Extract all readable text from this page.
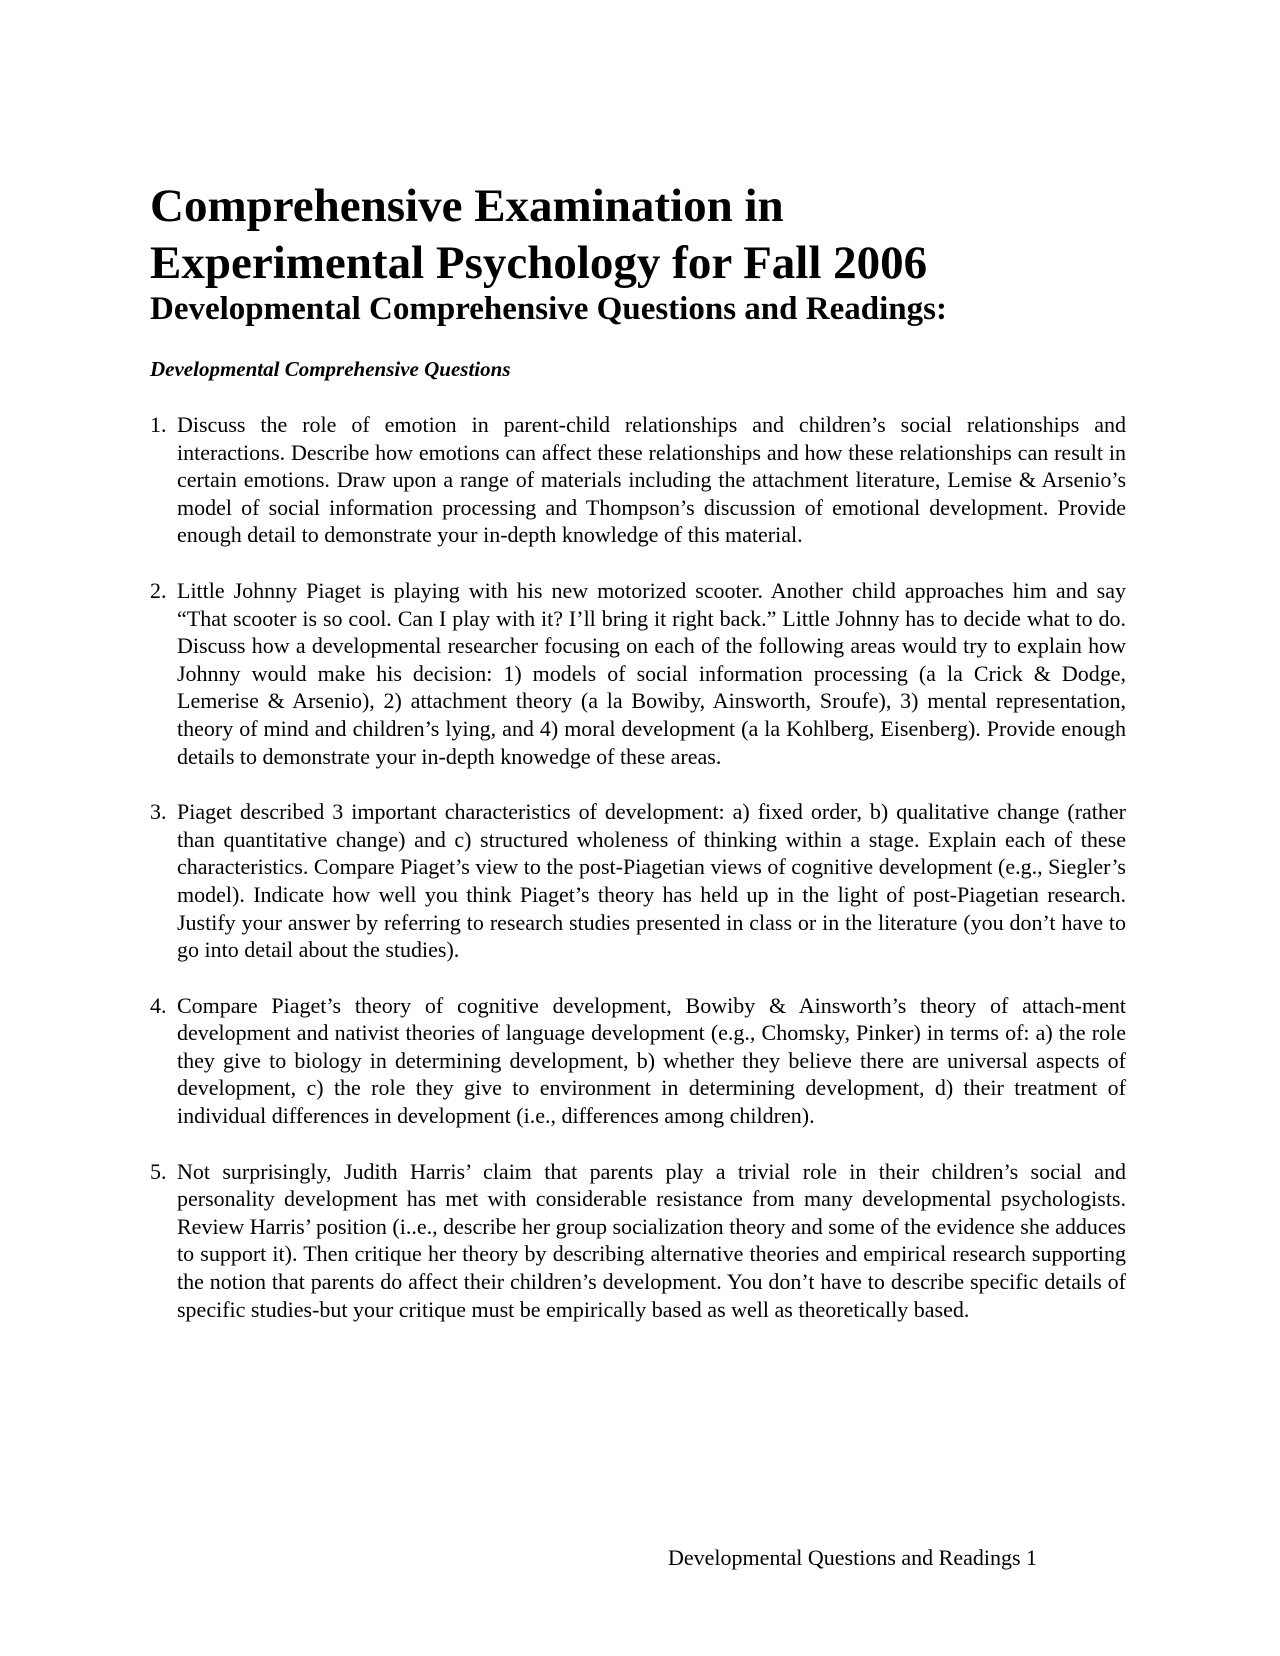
Comprehensive Examination in
Experimental Psychology for Fall 2006
Developmental Comprehensive Questions and Readings:
Developmental Comprehensive Questions
1. Discuss the role of emotion in parent-child relationships and children’s social relationships and interactions. Describe how emotions can affect these relationships and how these relationships can result in certain emotions. Draw upon a range of materials including the attachment literature, Lemise & Arsenio’s model of social information processing and Thompson’s discussion of emotional development. Provide enough detail to demonstrate your in-depth knowledge of this material.
2. Little Johnny Piaget is playing with his new motorized scooter. Another child approaches him and say “That scooter is so cool. Can I play with it? I’ll bring it right back.” Little Johnny has to decide what to do. Discuss how a developmental researcher focusing on each of the following areas would try to explain how Johnny would make his decision: 1) models of social information processing (a la Crick & Dodge, Lemerise & Arsenio), 2) attachment theory (a la Bowiby, Ainsworth, Sroufe), 3) mental representation, theory of mind and children’s lying, and 4) moral development (a la Kohlberg, Eisenberg). Provide enough details to demonstrate your in-depth knowedge of these areas.
3. Piaget described 3 important characteristics of development: a) fixed order, b) qualitative change (rather than quantitative change) and c) structured wholeness of thinking within a stage. Explain each of these characteristics. Compare Piaget’s view to the post-Piagetian views of cognitive development (e.g., Siegler’s model). Indicate how well you think Piaget’s theory has held up in the light of post-Piagetian research. Justify your answer by referring to research studies presented in class or in the literature (you don’t have to go into detail about the studies).
4. Compare Piaget’s theory of cognitive development, Bowiby & Ainsworth’s theory of attach-ment development and nativist theories of language development (e.g., Chomsky, Pinker) in terms of: a) the role they give to biology in determining development, b) whether they believe there are universal aspects of development, c) the role they give to environment in determining development, d) their treatment of individual differences in development (i.e., differences among children).
5. Not surprisingly, Judith Harris’ claim that parents play a trivial role in their children’s social and personality development has met with considerable resistance from many developmental psychologists. Review Harris’ position (i..e., describe her group socialization theory and some of the evidence she adduces to support it). Then critique her theory by describing alternative theories and empirical research supporting the notion that parents do affect their children’s development. You don’t have to describe specific details of specific studies-but your critique must be empirically based as well as theoretically based.

Developmental Questions and Readings 1
